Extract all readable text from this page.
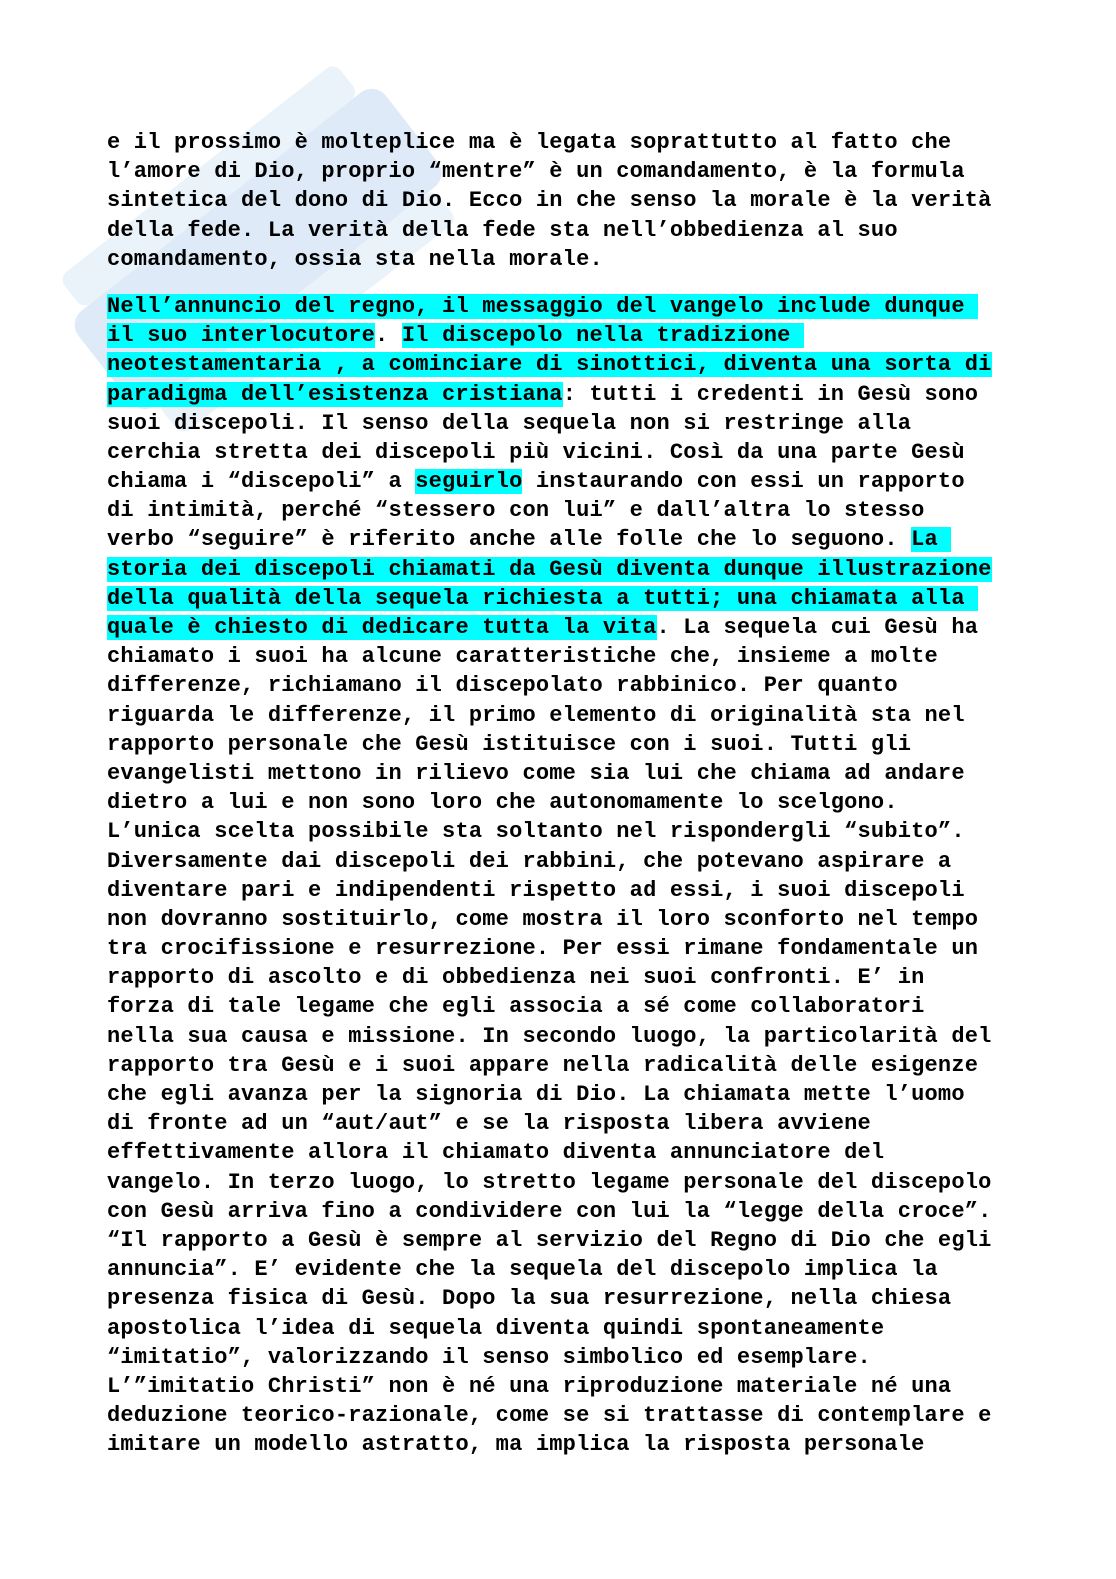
e il prossimo è molteplice ma è legata soprattutto al fatto che
l’amore di Dio, proprio “mentre” è un comandamento, è la formula
sintetica del dono di Dio. Ecco in che senso la morale è la verità
della fede. La verità della fede sta nell’obbedienza al suo
comandamento, ossia sta nella morale.
Nell’annuncio del regno, il messaggio del vangelo include dunque
il suo interlocutore. Il discepolo nella tradizione
neotestamentaria , a cominciare di sinottici, diventa una sorta di
paradigma dell’esistenza cristiana: tutti i credenti in Gesù sono
suoi discepoli. Il senso della sequela non si restringe alla
cerchia stretta dei discepoli più vicini. Così da una parte Gesù
chiama i “discepoli” a seguirlo instaurando con essi un rapporto
di intimità, perché “stessero con lui” e dall’altra lo stesso
verbo “seguire” è riferito anche alle folle che lo seguono. La
storia dei discepoli chiamati da Gesù diventa dunque illustrazione
della qualità della sequela richiesta a tutti; una chiamata alla
quale è chiesto di dedicare tutta la vita. La sequela cui Gesù ha
chiamato i suoi ha alcune caratteristiche che, insieme a molte
differenze, richiamano il discepolato rabbinico. Per quanto
riguarda le differenze, il primo elemento di originalità sta nel
rapporto personale che Gesù istituisce con i suoi. Tutti gli
evangelisti mettono in rilievo come sia lui che chiama ad andare
dietro a lui e non sono loro che autonomamente lo scelgono.
L’unica scelta possibile sta soltanto nel rispondergli “subito”.
Diversamente dai discepoli dei rabbini, che potevano aspirare a
diventare pari e indipendenti rispetto ad essi, i suoi discepoli
non dovranno sostituirlo, come mostra il loro sconforto nel tempo
tra crocifissione e resurrezione. Per essi rimane fondamentale un
rapporto di ascolto e di obbedienza nei suoi confronti. E’ in
forza di tale legame che egli associa a sé come collaboratori
nella sua causa e missione. In secondo luogo, la particolarità del
rapporto tra Gesù e i suoi appare nella radicalità delle esigenze
che egli avanza per la signoria di Dio. La chiamata mette l’uomo
di fronte ad un “aut/aut” e se la risposta libera avviene
effettivamente allora il chiamato diventa annunciatore del
vangelo. In terzo luogo, lo stretto legame personale del discepolo
con Gesù arriva fino a condividere con lui la “legge della croce”.
“Il rapporto a Gesù è sempre al servizio del Regno di Dio che egli
annuncia”. E’ evidente che la sequela del discepolo implica la
presenza fisica di Gesù. Dopo la sua resurrezione, nella chiesa
apostolica l’idea di sequela diventa quindi spontaneamente
“imitatio”, valorizzando il senso simbolico ed esemplare.
L’”imitatio Christi” non è né una riproduzione materiale né una
deduzione teorico-razionale, come se si trattasse di contemplare e
imitare un modello astratto, ma implica la risposta personale
